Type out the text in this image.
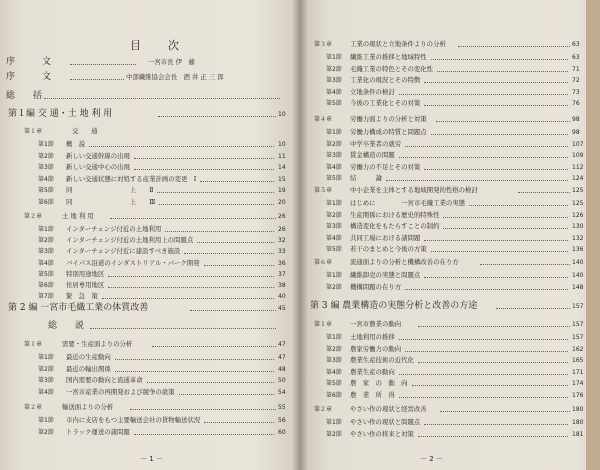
目　次
序　　　文	一宮市長 伊　藤
序　　　文	中部繊維協会会長　酒 井 正 三 郎
総　　括
第１編 交 通・土 地 利 用	10
第１章	交　　通
第1節 概　説	10
第2節 新しい交通幹線の出現	11
第3節 新しい交通中心の出現	14
第4節 新しい交通状態に対処する産業計画の変更　Ⅰ	15
第5節 同　　　　　　　　　上　　Ⅱ	19
第6節 同　　　　　　　　　上　　Ⅲ	20
第２章	土 地 利 用	26
第1節 インターチェンジ付近の土地利用	26
第2節 インターチェンジ付近の土地利用上の問題点	32
第3節 インターチェンジ付近に建設すべき施設	33
第4節 バイパス沿道のインダストリアル・パーク開発	36
第5節 特別用途地区	37
第6節 住居専用地区	38
第7節 緊　急　策	40
第 2 編 一宮市毛織工業の体質改善	45
総　　説
第１章	需要・生産面よりの分析	47
第1節 最近の生産動向	47
第2節 最近の輸出関係	48
第3節 国内需要の動向と流通革命	50
第4節 一宮市産業の再開発および競争の欲策	54
第２章	輸送面よりの分析	55
第1節 市内に支店をもつ主要輸送会社の貨物輸送状況	56
第2節 トラック運送の諸問題	60
－ 1 －
第３章	工業の現状と立地条件よりの分析	63
第1節 繊維工業の推移と地域特性	63
第2節 毛織工業の特色とその変化性	71
第3節 工業化の現況とその特徴	72
第4節 立地条件の検討	73
第5節 今後の工業化とその対策	76
第４章	労働力面よりの分析と対策	98
第1節 労働力構成の特質と問題点	98
第2節 中学卒業者の就労	107
第3節 賃金構造の問題	109
第4節 労働力の不足とその対策	112
第5節 結　　　論	124
第５章	中小企業を主体とする地域開発的性格の検討	125
第1節 はじめに　　　　一宮市毛織工業の実態	125
第2節 生産関係における歴史的特殊性	126
第3節 構造変化をもたらすことの制約	130
第4節 共同工場における諸問題	132
第5節 若干のまとめと今後の方策	136
第６章	流通面よりの分析と機構改善の在り方	140
第1節 繊維卸売の実態と問題点	140
第2節 機構問題の在り方	148
第 3 編 農業構造の実態分析と改善の方途	157
第１章	一宮市農業の動向	157
第1節 土地利用の推移	157
第2節 農家労働力の動向	162
第3節 農業生産技術の近代化	165
第4節 農業生産の動向	171
第5節 農　家　の　動　向	174
第6節 農　業　所　得	176
第２章	やさい作の現状と経営改善	180
第1節 やさい作の現状と問題点	180
第2節 やさい作の将来と対策	181
－ 2 －
